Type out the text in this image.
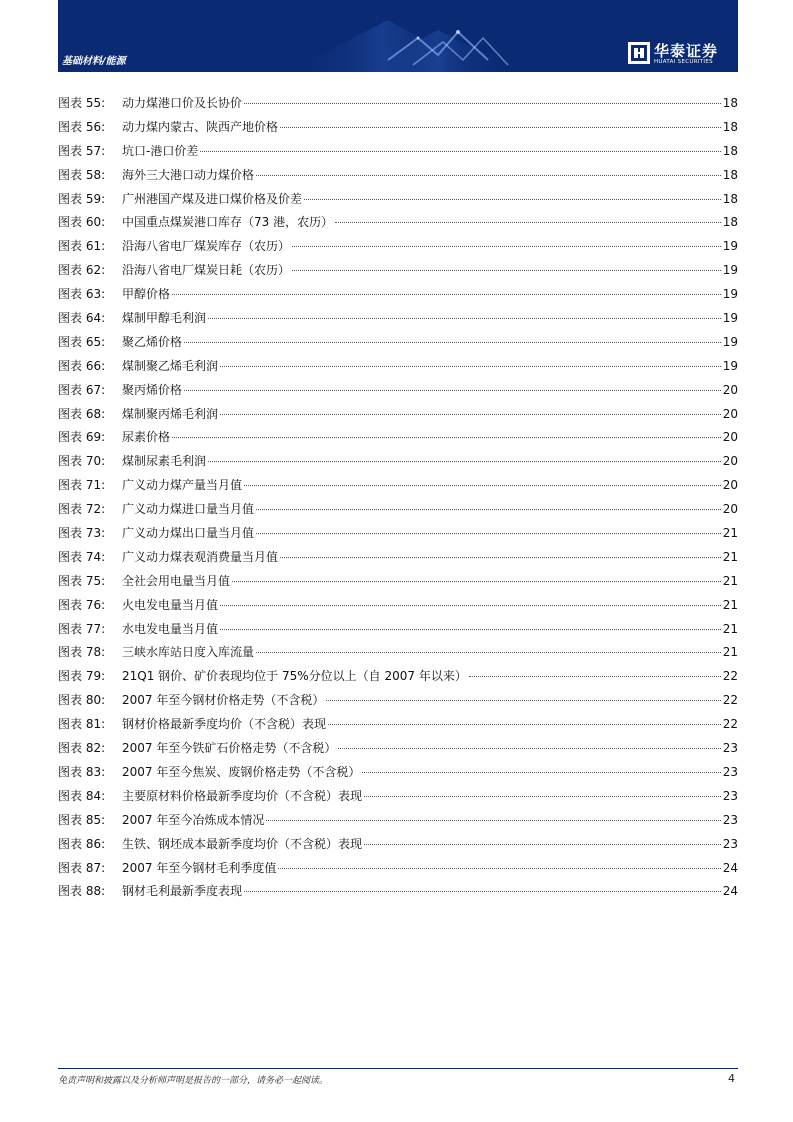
基础材料/能源
华泰证券
HUATAI SECURITIES
图表 55:	动力煤港口价及长协价	18
图表 56:	动力煤内蒙古、陕西产地价格	18
图表 57:	坑口-港口价差	18
图表 58:	海外三大港口动力煤价格	18
图表 59:	广州港国产煤及进口煤价格及价差	18
图表 60:	中国重点煤炭港口库存（73 港，农历）	18
图表 61:	沿海八省电厂煤炭库存（农历）	19
图表 62:	沿海八省电厂煤炭日耗（农历）	19
图表 63:	甲醇价格	19
图表 64:	煤制甲醇毛利润	19
图表 65:	聚乙烯价格	19
图表 66:	煤制聚乙烯毛利润	19
图表 67:	聚丙烯价格	20
图表 68:	煤制聚丙烯毛利润	20
图表 69:	尿素价格	20
图表 70:	煤制尿素毛利润	20
图表 71:	广义动力煤产量当月值	20
图表 72:	广义动力煤进口量当月值	20
图表 73:	广义动力煤出口量当月值	21
图表 74:	广义动力煤表观消费量当月值	21
图表 75:	全社会用电量当月值	21
图表 76:	火电发电量当月值	21
图表 77:	水电发电量当月值	21
图表 78:	三峡水库站日度入库流量	21
图表 79:	21Q1 钢价、矿价表现均位于 75%分位以上（自 2007 年以来）	22
图表 80:	2007 年至今钢材价格走势（不含税）	22
图表 81:	钢材价格最新季度均价（不含税）表现	22
图表 82:	2007 年至今铁矿石价格走势（不含税）	23
图表 83:	2007 年至今焦炭、废钢价格走势（不含税）	23
图表 84:	主要原材料价格最新季度均价（不含税）表现	23
图表 85:	2007 年至今冶炼成本情况	23
图表 86:	生铁、钢坯成本最新季度均价（不含税）表现	23
图表 87:	2007 年至今钢材毛利季度值	24
图表 88:	钢材毛利最新季度表现	24
免责声明和披露以及分析师声明是报告的一部分，请务必一起阅读。	4
